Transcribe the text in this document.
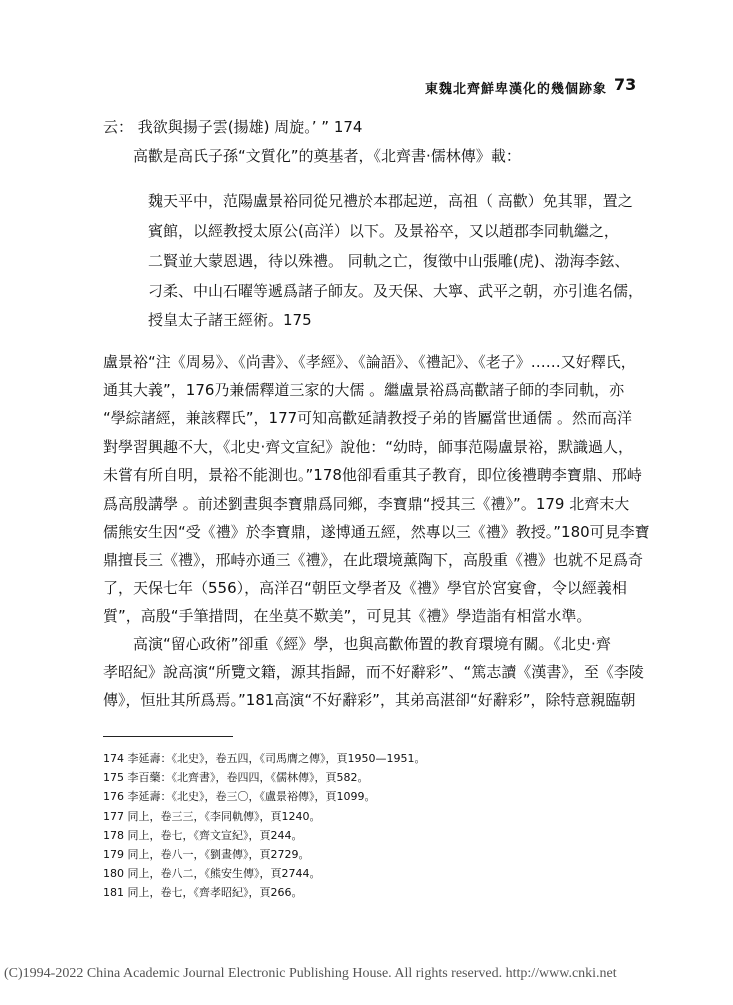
東魏北齊鮮卑漢化的幾個跡象 73
云： 我欲與揚子雲(揚雄) 周旋。’ ” 174
高歡是高氏子孫“文質化”的奠基者，《北齊書·儒林傳》載：
魏天平中，范陽盧景裕同從兄禮於本郡起逆，高祖（ 高歡）免其罪，置之
賓館，以經教授太原公(高洋）以下。及景裕卒，又以趙郡李同軌繼之，
二賢並大蒙恩遇，待以殊禮。 同軌之亡，復徵中山張雕(虎)、渤海李鉉、
刁柔、中山石曜等遞爲諸子師友。及天保、大寧、武平之朝，亦引進名儒，
授皇太子諸王經術。175
盧景裕“注《周易》、《尚書》、《孝經》、《論語》、《禮記》、《老子》……又好釋氏，
通其大義”，176乃兼儒釋道三家的大儒 。繼盧景裕爲高歡諸子師的李同軌，亦
“學綜諸經，兼該釋氏”，177可知高歡延請教授子弟的皆屬當世通儒 。然而高洋
對學習興趣不大，《北史·齊文宣紀》說他：“幼時，師事范陽盧景裕，默識過人，
未嘗有所自明，景裕不能測也。”178他卻看重其子教育，即位後禮聘李寶鼎、邢峙
爲高殷講學 。前述劉晝與李寶鼎爲同鄉，李寶鼎“授其三《禮》”。179 北齊末大
儒熊安生因“受《禮》於李寶鼎，遂博通五經，然專以三《禮》教授。”180可見李寶
鼎擅長三《禮》，邢峙亦通三《禮》，在此環境薰陶下，高殷重《禮》也就不足爲奇
了，天保七年（556），高洋召“朝臣文學者及《禮》學官於宮宴會，令以經義相
質”，高殷“手筆措問，在坐莫不歎美”，可見其《禮》學造詣有相當水準。
高演“留心政術”卻重《經》學，也與高歡佈置的教育環境有關。《北史·齊
孝昭紀》說高演“所覽文籍，源其指歸，而不好辭彩”、“篤志讀《漢書》，至《李陵
傳》，恒壯其所爲焉。”181高演“不好辭彩”，其弟高湛卻“好辭彩”，除特意親臨朝
174 李延壽：《北史》，卷五四，《司馬膺之傳》，頁1950—1951。
175 李百藥：《北齊書》，卷四四，《儒林傳》，頁582。
176 李延壽：《北史》，卷三〇，《盧景裕傳》，頁1099。
177 同上，卷三三，《李同軌傳》，頁1240。
178 同上，卷七，《齊文宣紀》，頁244。
179 同上，卷八一，《劉晝傳》，頁2729。
180 同上，卷八二，《熊安生傳》，頁2744。
181 同上，卷七，《齊孝昭紀》，頁266。
(C)1994-2022 China Academic Journal Electronic Publishing House. All rights reserved. http://www.cnki.net
